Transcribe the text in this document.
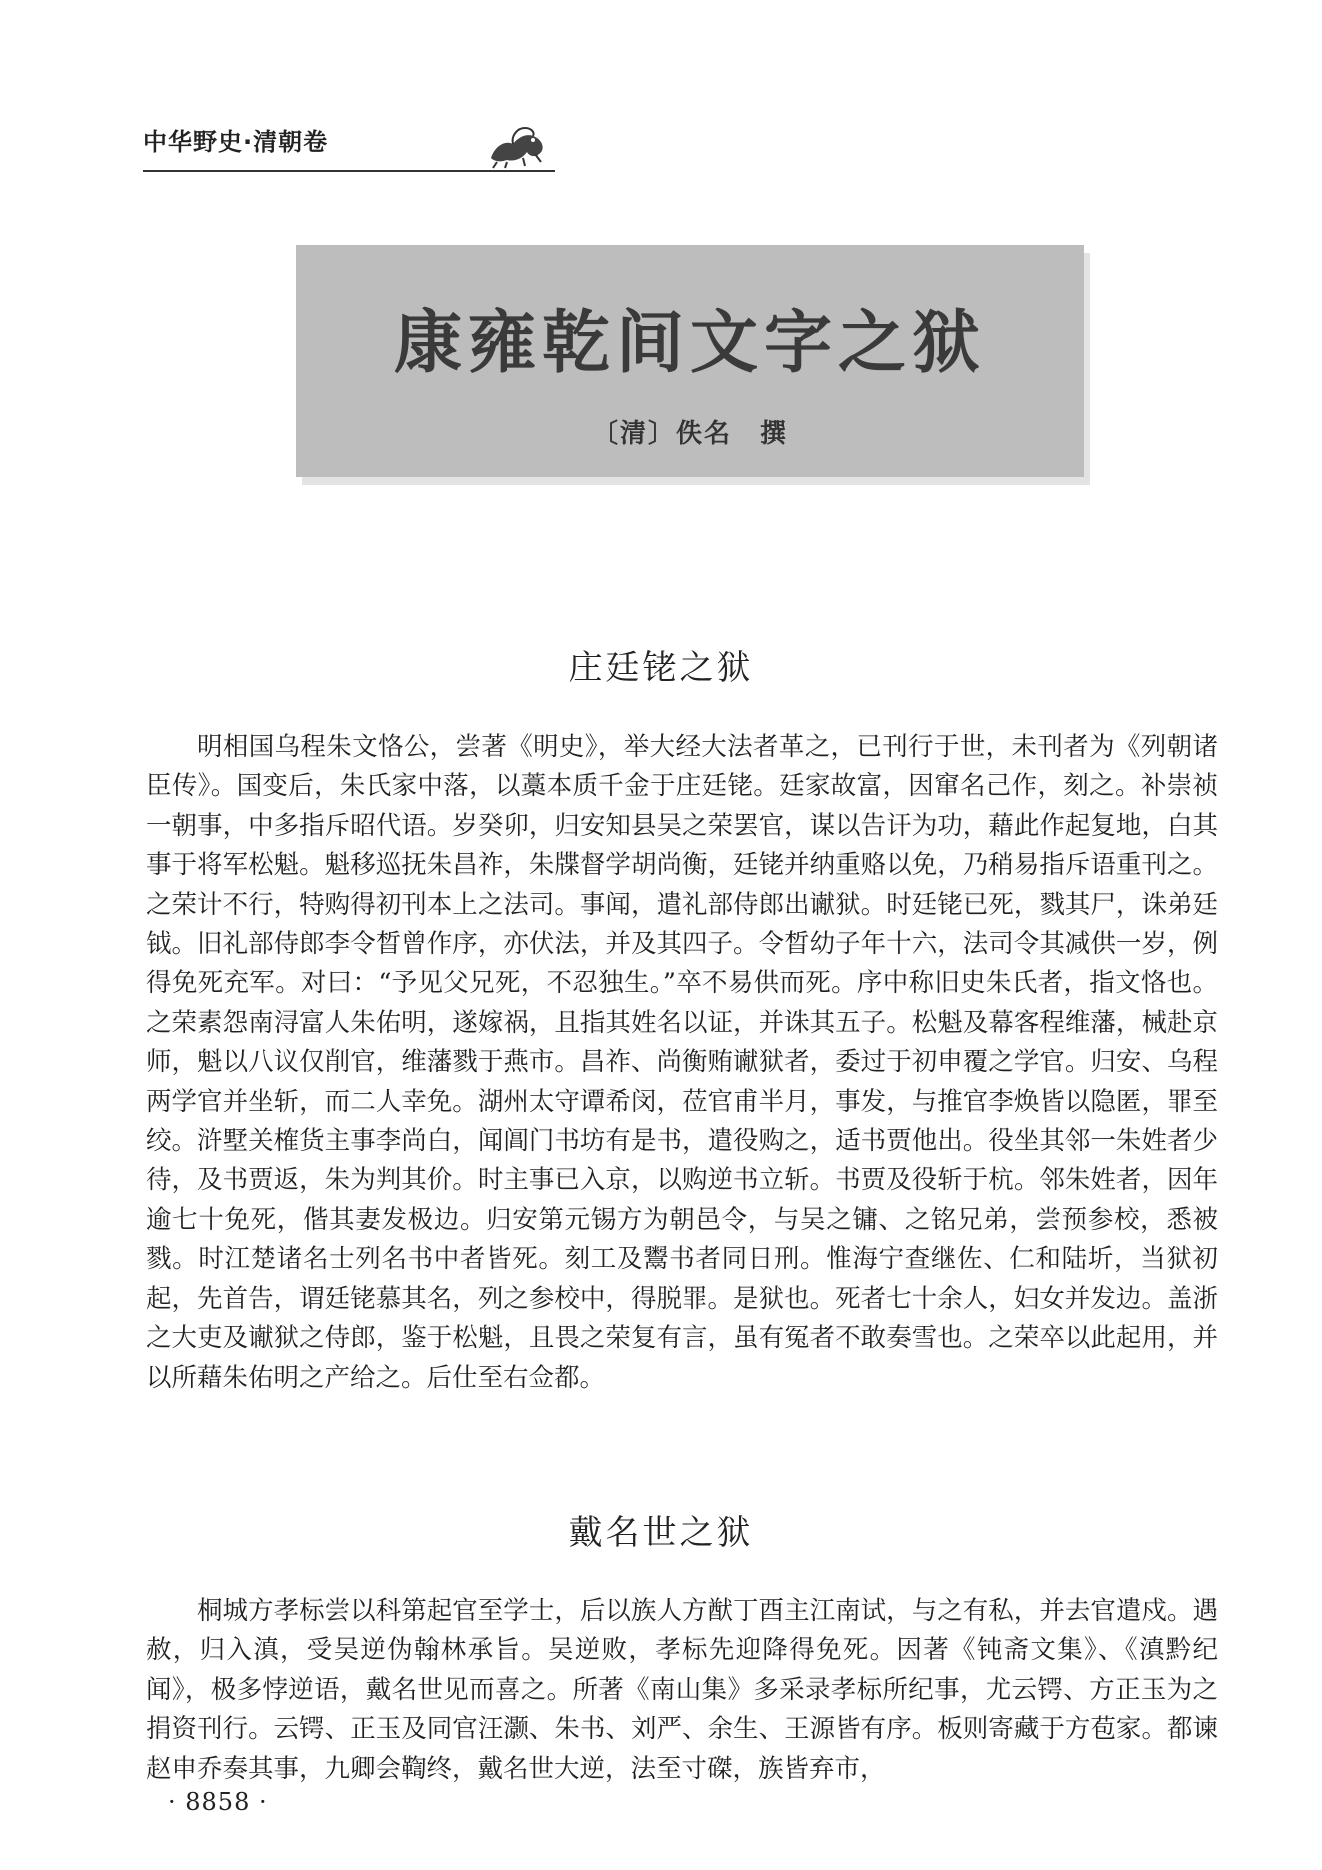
中华野史·清朝卷
康雍乾间文字之狱
〔清〕佚名　撰
庄廷铑之狱

明相国乌程朱文恪公，尝著《明史》，举大经大法者革之，已刊行于世，未刊者为《列朝诸臣传》。国变后，朱氏家中落，以藁本质千金于庄廷铑。廷家故富，因窜名己作，刻之。补崇祯一朝事，中多指斥昭代语。岁癸卯，归安知县吴之荣罢官，谋以告讦为功，藉此作起复地，白其事于将军松魁。魁移巡抚朱昌祚，朱牒督学胡尚衡，廷铑并纳重赂以免，乃稍易指斥语重刊之。之荣计不行，特购得初刊本上之法司。事闻，遣礼部侍郎出谳狱。时廷铑已死，戮其尸，诛弟廷钺。旧礼部侍郎李令晳曾作序，亦伏法，并及其四子。令晳幼子年十六，法司令其减供一岁，例得免死充军。对曰：“予见父兄死，不忍独生。”卒不易供而死。序中称旧史朱氏者，指文恪也。之荣素怨南浔富人朱佑明，遂嫁祸，且指其姓名以证，并诛其五子。松魁及幕客程维藩，械赴京师，魁以八议仅削官，维藩戮于燕市。昌祚、尚衡贿谳狱者，委过于初申覆之学官。归安、乌程两学官并坐斩，而二人幸免。湖州太守谭希闵，莅官甫半月，事发，与推官李焕皆以隐匿，罪至绞。浒墅关榷货主事李尚白，闻阊门书坊有是书，遣役购之，适书贾他出。役坐其邻一朱姓者少待，及书贾返，朱为判其价。时主事已入京，以购逆书立斩。书贾及役斩于杭。邻朱姓者，因年逾七十免死，偕其妻发极边。归安第元锡方为朝邑令，与吴之镛、之铭兄弟，尝预参校，悉被戮。时江楚诸名士列名书中者皆死。刻工及鬻书者同日刑。惟海宁查继佐、仁和陆圻，当狱初起，先首告，谓廷铑慕其名，列之参校中，得脱罪。是狱也。死者七十余人，妇女并发边。盖浙之大吏及谳狱之侍郎，鉴于松魁，且畏之荣复有言，虽有冤者不敢奏雪也。之荣卒以此起用，并以所藉朱佑明之产给之。后仕至右佥都。

戴名世之狱

桐城方孝标尝以科第起官至学士，后以族人方猷丁酉主江南试，与之有私，并去官遣戍。遇赦，归入滇，受吴逆伪翰林承旨。吴逆败，孝标先迎降得免死。因著《钝斋文集》、《滇黔纪闻》，极多悖逆语，戴名世见而喜之。所著《南山集》多采录孝标所纪事，尤云锷、方正玉为之捐资刊行。云锷、正玉及同官汪灏、朱书、刘严、余生、王源皆有序。板则寄藏于方苞家。都谏赵申乔奏其事，九卿会鞫终，戴名世大逆，法至寸磔，族皆弃市，

· 8858 ·
